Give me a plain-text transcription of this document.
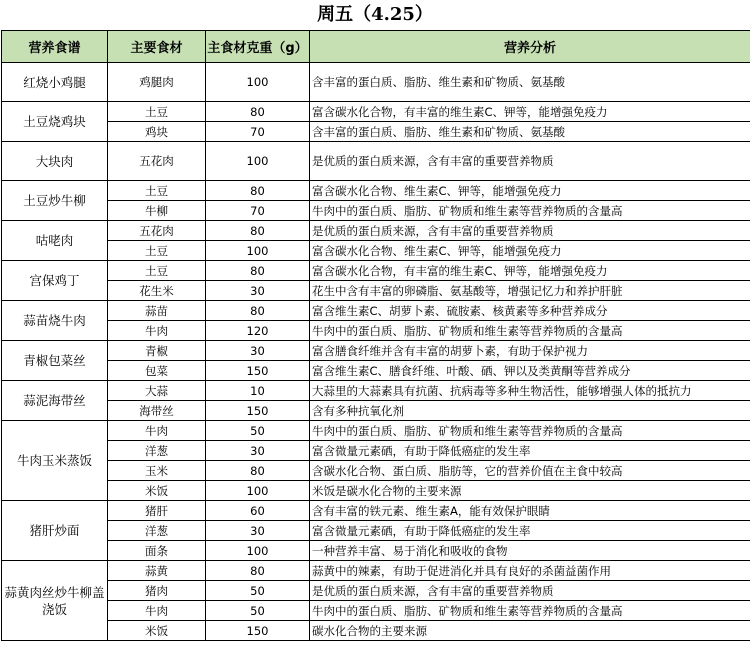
周五（4.25）
营养食谱	主要食材	主食材克重（g）	营养分析
红烧小鸡腿	鸡腿肉	100	含丰富的蛋白质、脂肪、维生素和矿物质、氨基酸
土豆烧鸡块	土豆	80	富含碳水化合物，有丰富的维生素C、钾等，能增强免疫力
	鸡块	70	含丰富的蛋白质、脂肪、维生素和矿物质、氨基酸
大块肉	五花肉	100	是优质的蛋白质来源，含有丰富的重要营养物质
土豆炒牛柳	土豆	80	富含碳水化合物、维生素C、钾等，能增强免疫力
	牛柳	70	牛肉中的蛋白质、脂肪、矿物质和维生素等营养物质的含量高
咕咾肉	五花肉	80	是优质的蛋白质来源，含有丰富的重要营养物质
	土豆	100	富含碳水化合物、维生素C、钾等，能增强免疫力
宫保鸡丁	土豆	80	富含碳水化合物，有丰富的维生素C、钾等，能增强免疫力
	花生米	30	花生中含有丰富的卵磷脂、氨基酸等，增强记忆力和养护肝脏
蒜苗烧牛肉	蒜苗	80	富含维生素C、胡萝卜素、硫胺素、核黄素等多种营养成分
	牛肉	120	牛肉中的蛋白质、脂肪、矿物质和维生素等营养物质的含量高
青椒包菜丝	青椒	30	富含膳食纤维并含有丰富的胡萝卜素，有助于保护视力
	包菜	150	富含维生素C、膳食纤维、叶酸、硒、钾以及类黄酮等营养成分
蒜泥海带丝	大蒜	10	大蒜里的大蒜素具有抗菌、抗病毒等多种生物活性，能够增强人体的抵抗力
	海带丝	150	含有多种抗氧化剂
牛肉玉米蒸饭	牛肉	50	牛肉中的蛋白质、脂肪、矿物质和维生素等营养物质的含量高
	洋葱	30	富含微量元素硒，有助于降低癌症的发生率
	玉米	80	含碳水化合物、蛋白质、脂肪等，它的营养价值在主食中较高
	米饭	100	米饭是碳水化合物的主要来源
猪肝炒面	猪肝	60	含有丰富的铁元素、维生素A，能有效保护眼睛
	洋葱	30	富含微量元素硒，有助于降低癌症的发生率
	面条	100	一种营养丰富、易于消化和吸收的食物
蒜黄肉丝炒牛柳盖浇饭	蒜黄	80	蒜黄中的辣素，有助于促进消化并具有良好的杀菌益菌作用
	猪肉	50	是优质的蛋白质来源，含有丰富的重要营养物质
	牛肉	50	牛肉中的蛋白质、脂肪、矿物质和维生素等营养物质的含量高
	米饭	150	碳水化合物的主要来源
